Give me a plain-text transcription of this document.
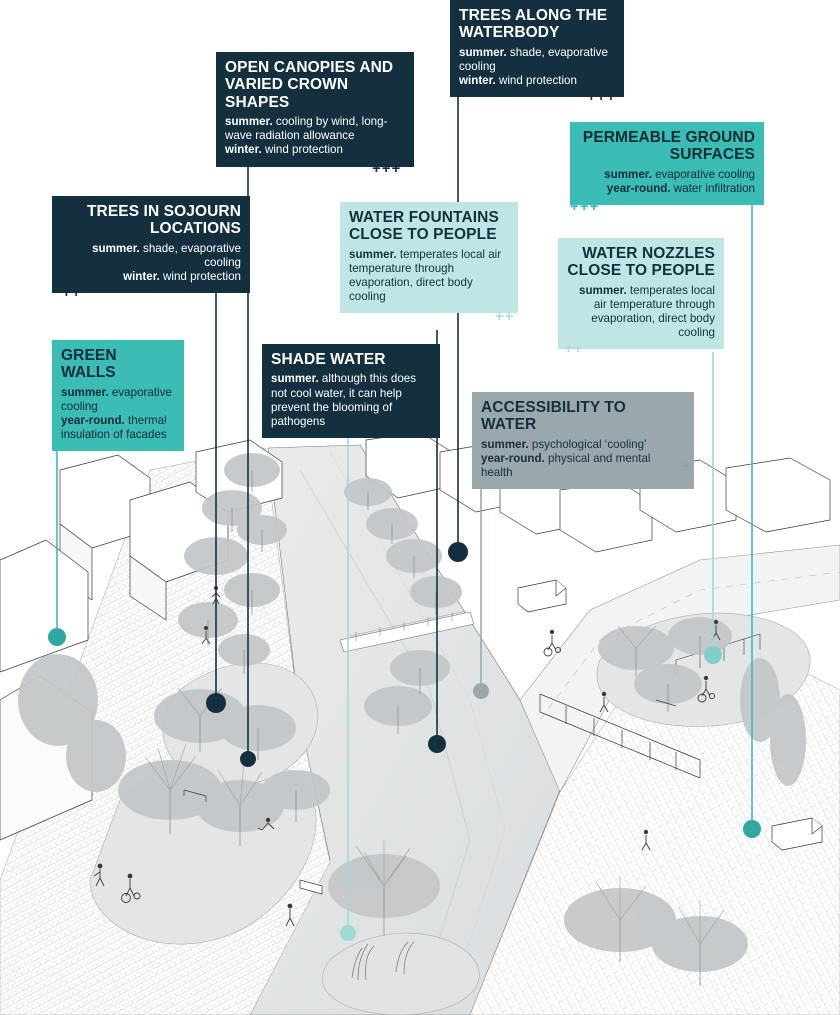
TREES ALONG THE WATERBODY
summer. shade, evaporative cooling
winter. wind protection
+++
OPEN CANOPIES AND VARIED CROWN SHAPES
summer. cooling by wind, long-wave radiation allowance
winter. wind protection
+++
PERMEABLE GROUND SURFACES
summer. evaporative cooling
year-round. water infiltration
+++
TREES IN SOJOURN LOCATIONS
summer. shade, evaporative cooling
winter. wind protection
++
WATER FOUNTAINS CLOSE TO PEOPLE
summer. temperates local air temperature through evaporation, direct body cooling
++
WATER NOZZLES CLOSE TO PEOPLE
summer. temperates local air temperature through evaporation, direct body cooling
++
GREEN WALLS
summer. evaporative cooling
year-round. thermal insulation of facades
+++
SHADE WATER
summer. although this does not cool water, it can help prevent the blooming of pathogens
ACCESSIBILITY TO WATER
summer. psychological ‘cooling’
year-round. physical and mental health	+
